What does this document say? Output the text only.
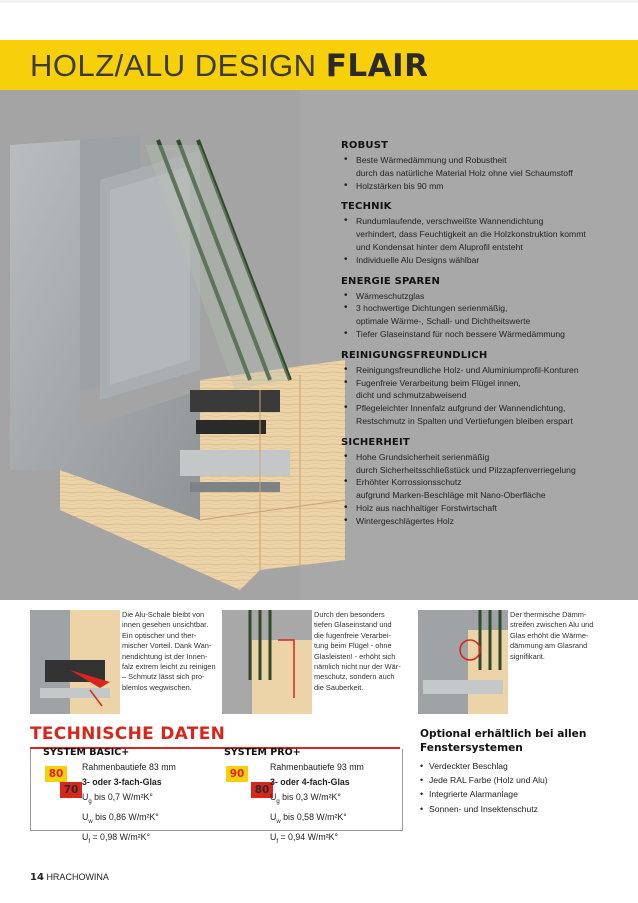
HOLZ/ALU DESIGN FLAIR
ROBUST
• Beste Wärmedämmung und Robustheit
durch das natürliche Material Holz ohne viel Schaumstoff
• Holzstärken bis 90 mm
TECHNIK
• Rundumlaufende, verschweißte Wannendichtung
verhindert, dass Feuchtigkeit an die Holzkonstruktion kommt
und Kondensat hinter dem Aluprofil entsteht
• Individuelle Alu Designs wählbar
ENERGIE SPAREN
• Wärmeschutzglas
• 3 hochwertige Dichtungen serienmäßig,
optimale Wärme-, Schall- und Dichtheitswerte
• Tiefer Glaseinstand für noch bessere Wärmedämmung
REINIGUNGSFREUNDLICH
• Reinigungsfreundliche Holz- und Aluminiumprofil-Konturen
• Fugenfreie Verarbeitung beim Flügel innen,
dicht und schmutzabweisend
• Pflegeleichter Innenfalz aufgrund der Wannendichtung,
Restschmutz in Spalten und Vertiefungen bleiben erspart
SICHERHEIT
• Hohe Grundsicherheit serienmäßig
durch Sicherheitsschließstück und Pilzzapfenverriegelung
• Erhöhter Korrossionsschutz
aufgrund Marken-Beschläge mit Nano-Oberfläche
• Holz aus nachhaltiger Forstwirtschaft
• Wintergeschlägertes Holz
Die Alu-Schale bleibt von
innen gesehen unsichtbar.
Ein optischer und ther-
mischer Vorteil. Dank Wan-
nendichtung ist der Innen-
falz extrem leicht zu reinigen
– Schmutz lässt sich pro-
blemlos wegwischen.
Durch den besonders
tiefen Glaseinstand und
die fugenfreie Verarbei-
tung beim Flügel - ohne
Glasleisten! - erhöht sich
nämlich nicht nur der Wär-
meschutz, sondern auch
die Sauberkeit.
Der thermische Dämm-
streifen zwischen Alu und
Glas erhöht die Wärme-
dämmung am Glasrand
signifikant.
TECHNISCHE DATEN
SYSTEM BASIC+
80
70
Rahmenbautiefe 83 mm
3- oder 3-fach-Glas
$U_g$ bis 0,7 W/m²K°
$U_w$ bis 0,86 W/m²K°
$U_f = 0,98$ W/m²K°
SYSTEM PRO+
90
80
Rahmenbautiefe 93 mm
3- oder 4-fach-Glas
$U_g$ bis 0,3 W/m²K°
$U_w$ bis 0,58 W/m²K°
$U_f = 0,94$ W/m²K°
Optional erhältlich bei allen Fenstersystemen
• Verdeckter Beschlag
• Jede RAL Farbe (Holz und Alu)
• Integrierte Alarmanlage
• Sonnen- und Insektenschutz
14 HRACHOWINA
